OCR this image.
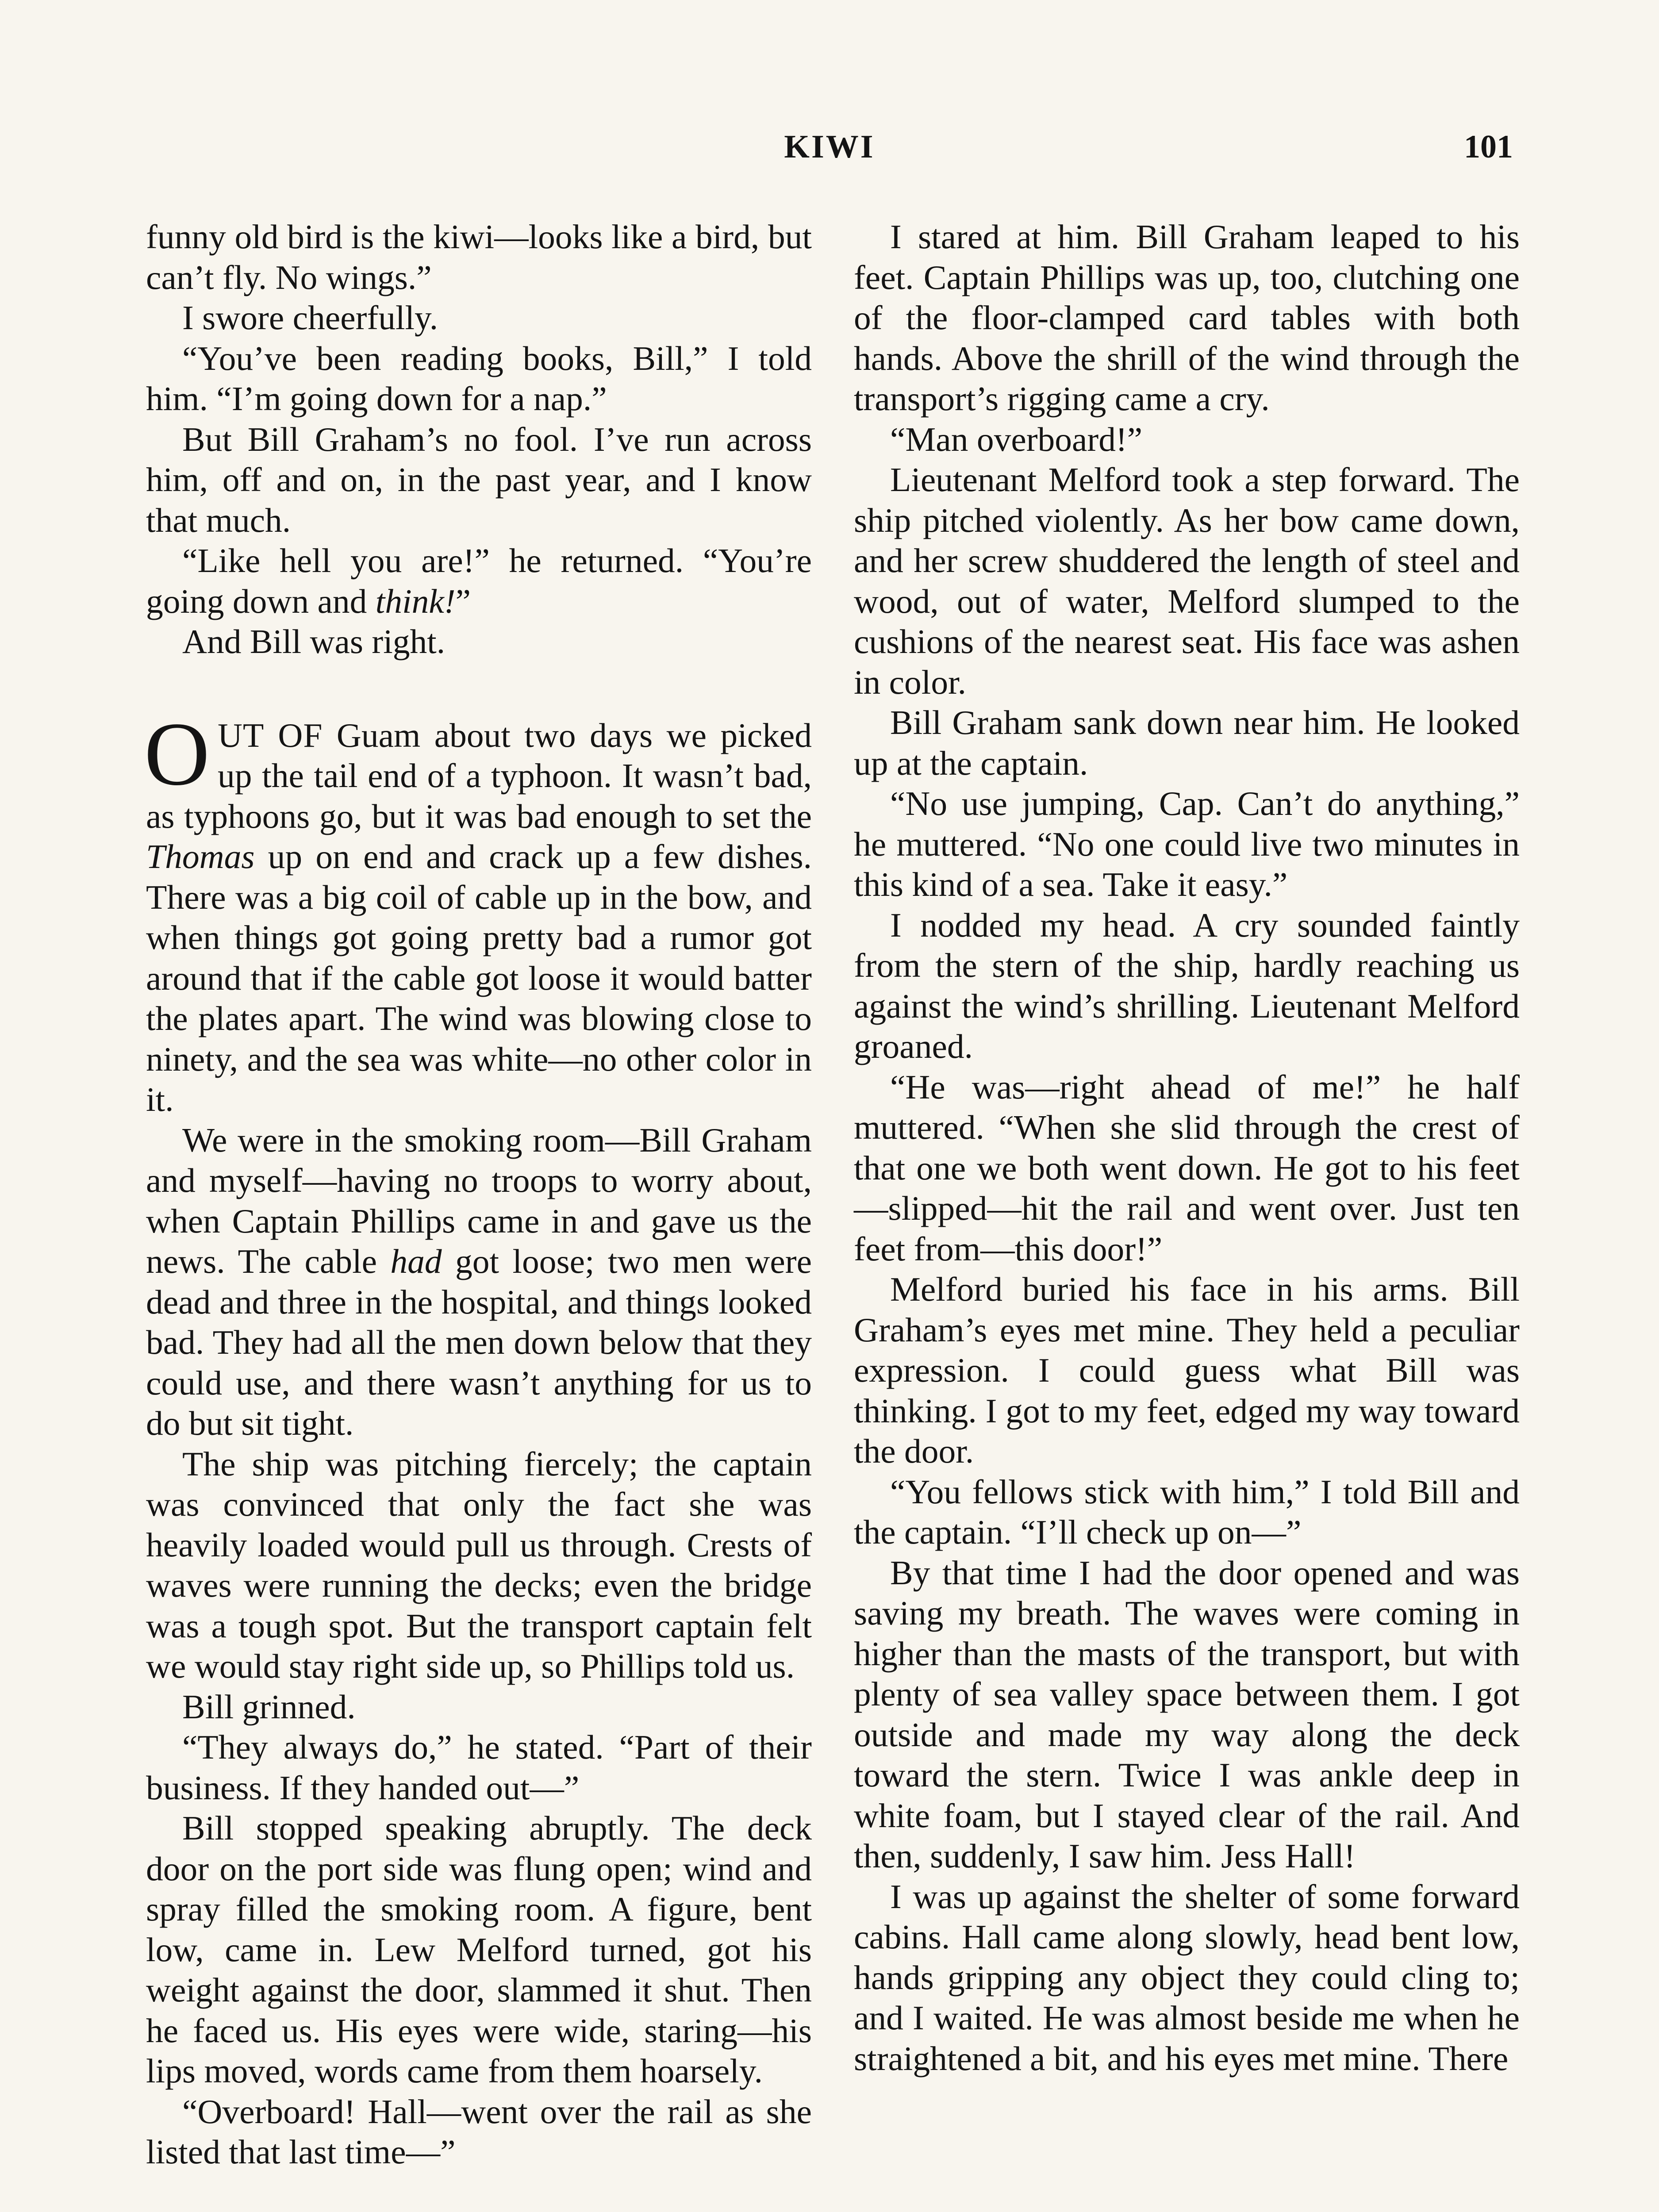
KIWI	101

funny old bird is the kiwi—looks like a bird, but can’t fly. No wings.”

I swore cheerfully.

“You’ve been reading books, Bill,” I told him. “I’m going down for a nap.”

But Bill Graham’s no fool. I’ve run across him, off and on, in the past year, and I know that much.

“Like hell you are!” he returned. “You’re going down and think!”

And Bill was right.

OUT OF Guam about two days we picked up the tail end of a typhoon. It wasn’t bad, as typhoons go, but it was bad enough to set the Thomas up on end and crack up a few dishes. There was a big coil of cable up in the bow, and when things got going pretty bad a rumor got around that if the cable got loose it would batter the plates apart. The wind was blowing close to ninety, and the sea was white—no other color in it.

We were in the smoking room—Bill Graham and myself—having no troops to worry about, when Captain Phillips came in and gave us the news. The cable had got loose; two men were dead and three in the hospital, and things looked bad. They had all the men down below that they could use, and there wasn’t anything for us to do but sit tight.

The ship was pitching fiercely; the captain was convinced that only the fact she was heavily loaded would pull us through. Crests of waves were running the decks; even the bridge was a tough spot. But the transport captain felt we would stay right side up, so Phillips told us.

Bill grinned.

“They always do,” he stated. “Part of their business. If they handed out—”

Bill stopped speaking abruptly. The deck door on the port side was flung open; wind and spray filled the smoking room. A figure, bent low, came in. Lew Melford turned, got his weight against the door, slammed it shut. Then he faced us. His eyes were wide, staring—his lips moved, words came from them hoarsely.

“Overboard! Hall—went over the rail as she listed that last time—”

I stared at him. Bill Graham leaped to his feet. Captain Phillips was up, too, clutching one of the floor-clamped card tables with both hands. Above the shrill of the wind through the transport’s rigging came a cry.

“Man overboard!”

Lieutenant Melford took a step forward. The ship pitched violently. As her bow came down, and her screw shuddered the length of steel and wood, out of water, Melford slumped to the cushions of the nearest seat. His face was ashen in color.

Bill Graham sank down near him. He looked up at the captain.

“No use jumping, Cap. Can’t do anything,” he muttered. “No one could live two minutes in this kind of a sea. Take it easy.”

I nodded my head. A cry sounded faintly from the stern of the ship, hardly reaching us against the wind’s shrilling. Lieutenant Melford groaned.

“He was—right ahead of me!” he half muttered. “When she slid through the crest of that one we both went down. He got to his feet—slipped—hit the rail and went over. Just ten feet from—this door!”

Melford buried his face in his arms. Bill Graham’s eyes met mine. They held a peculiar expression. I could guess what Bill was thinking. I got to my feet, edged my way toward the door.

“You fellows stick with him,” I told Bill and the captain. “I’ll check up on—”

By that time I had the door opened and was saving my breath. The waves were coming in higher than the masts of the transport, but with plenty of sea valley space between them. I got outside and made my way along the deck toward the stern. Twice I was ankle deep in white foam, but I stayed clear of the rail. And then, suddenly, I saw him. Jess Hall!

I was up against the shelter of some forward cabins. Hall came along slowly, head bent low, hands gripping any object they could cling to; and I waited. He was almost beside me when he straightened a bit, and his eyes met mine. There
